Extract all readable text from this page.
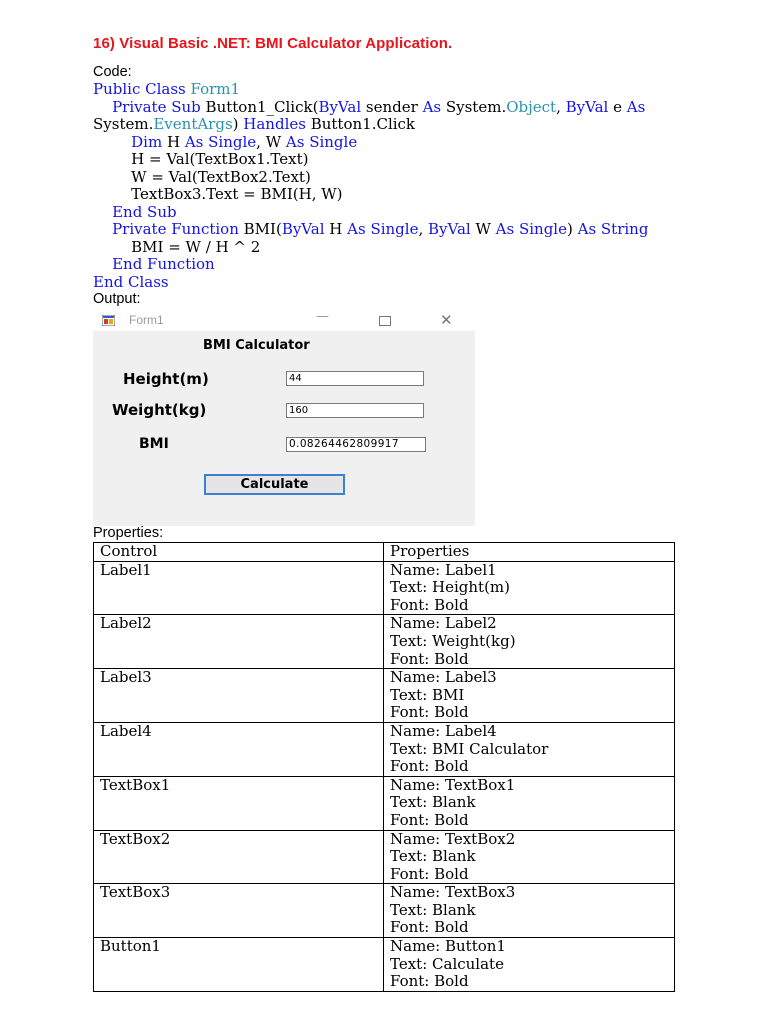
16) Visual Basic .NET: BMI Calculator Application.
Code:
Public Class Form1
Private Sub Button1_Click(ByVal sender As System.Object, ByVal e As
System.EventArgs) Handles Button1.Click
Dim H As Single, W As Single
H = Val(TextBox1.Text)
W = Val(TextBox2.Text)
TextBox3.Text = BMI(H, W)
End Sub
Private Function BMI(ByVal H As Single, ByVal W As Single) As String
BMI = W / H ^ 2
End Function
End Class
Output:
Form1	—	✕
BMI Calculator
Height(m)
44
Weight(kg)
160
BMI
0.08264462809917
Calculate
Properties:
Control	Properties
Label1	Name: Label1
Text: Height(m)
Font: Bold

Label2	Name: Label2
Text: Weight(kg)
Font: Bold

Label3	Name: Label3
Text: BMI
Font: Bold

Label4	Name: Label4
Text: BMI Calculator
Font: Bold

TextBox1	Name: TextBox1
Text: Blank
Font: Bold

TextBox2	Name: TextBox2
Text: Blank
Font: Bold

TextBox3	Name: TextBox3
Text: Blank
Font: Bold

Button1	Name: Button1
Text: Calculate
Font: Bold
